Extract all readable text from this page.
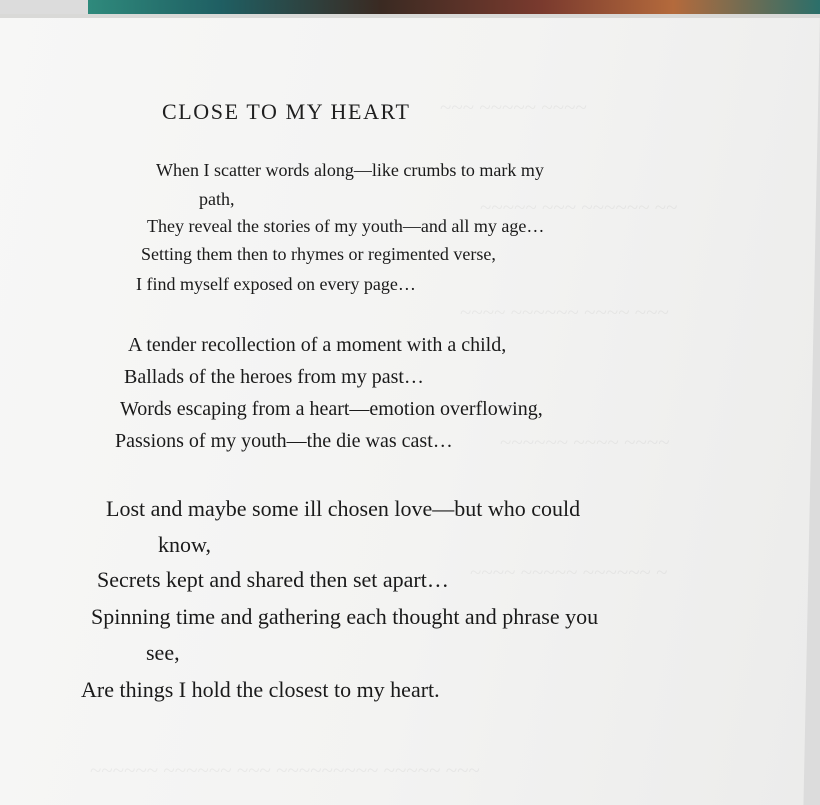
CLOSE TO MY HEART
When I scatter words along—like crumbs to mark my
path,
They reveal the stories of my youth—and all my age…
Setting them then to rhymes or regimented verse,
I find myself exposed on every page…
A tender recollection of a moment with a child,
Ballads of the heroes from my past…
Words escaping from a heart—emotion overflowing,
Passions of my youth—the die was cast…
Lost and maybe some ill chosen love—but who could
know,
Secrets kept and shared then set apart…
Spinning time and gathering each thought and phrase you
see,
Are things I hold the closest to my heart.
